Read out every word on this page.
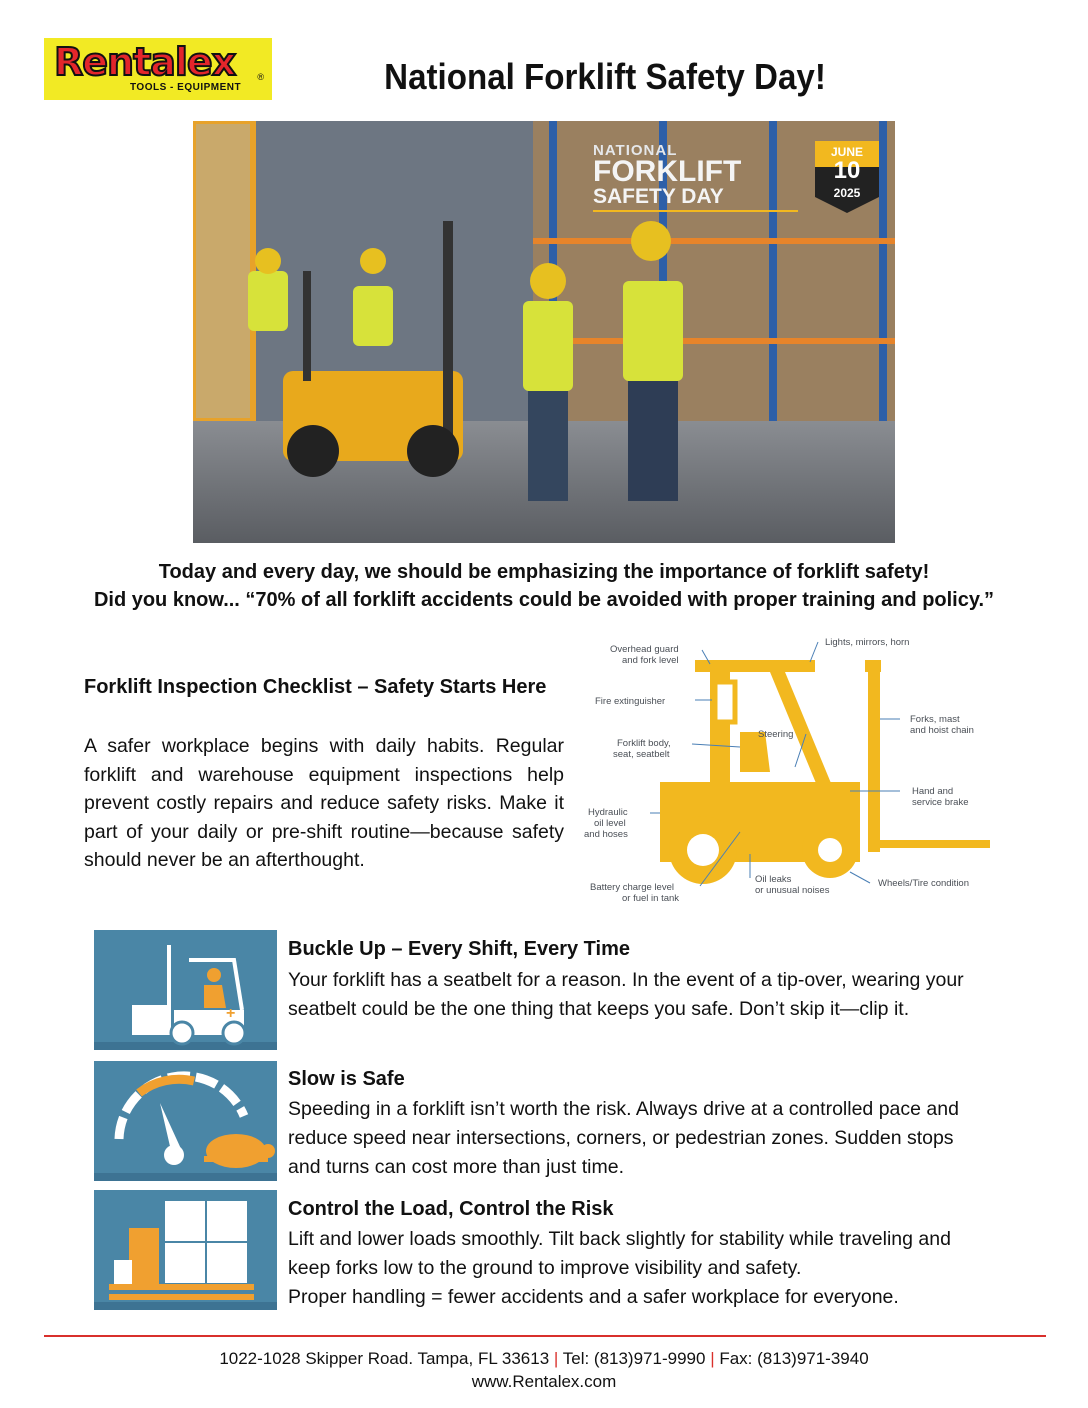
Rentalex ®
TOOLS - EQUIPMENT	National Forklift Safety Day!
NATIONAL
FORKLIFT
SAFETY DAY
JUNE
10
2025
Today and every day, we should be emphasizing the importance of forklift safety!
Did you know... “70% of all forklift accidents could be avoided with proper training and policy.”
Forklift Inspection Checklist – Safety Starts Here
A safer workplace begins with daily habits. Regular forklift and warehouse equipment inspections help prevent costly repairs and reduce safety risks. Make it part of your daily or pre-shift routine—because safety should never be an afterthought.
Overhead guard
and fork level
Lights, mirrors, horn
Fire extinguisher
Forks, mast
and hoist chain
Steering
Forklift body,
seat, seatbelt
Hand and
service brake
Hydraulic
oil level
and hoses
Battery charge level
or fuel in tank
Oil leaks
or unusual noises
Wheels/Tire condition
+
Buckle Up – Every Shift, Every Time
Your forklift has a seatbelt for a reason. In the event of a tip-over, wearing your
seatbelt could be the one thing that keeps you safe. Don’t skip it—clip it.
Slow is Safe
Speeding in a forklift isn’t worth the risk. Always drive at a controlled pace and
reduce speed near intersections, corners, or pedestrian zones. Sudden stops
and turns can cost more than just time.
Control the Load, Control the Risk
Lift and lower loads smoothly. Tilt back slightly for stability while traveling and
keep forks low to the ground to improve visibility and safety.
Proper handling = fewer accidents and a safer workplace for everyone.
1022-1028 Skipper Road. Tampa, FL 33613 | Tel: (813)971-9990 | Fax: (813)971-3940
www.Rentalex.com
